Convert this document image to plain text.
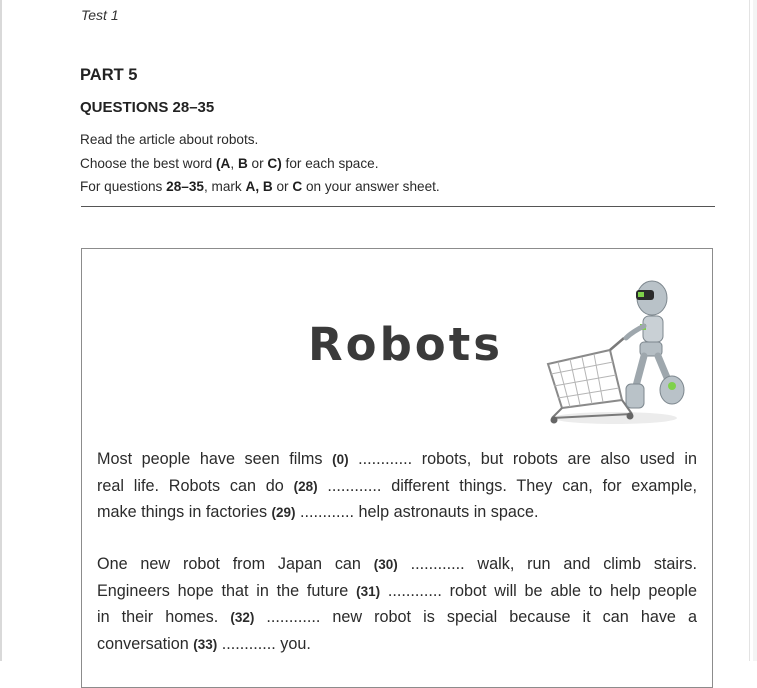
Test 1
PART 5
QUESTIONS 28–35
Read the article about robots.
Choose the best word (A, B or C) for each space.
For questions 28–35, mark A, B or C on your answer sheet.
Robots
Most people have seen films (0) ............ robots, but robots are also used in
real life. Robots can do (28) ............ different things. They can, for example,
make things in factories (29) ............ help astronauts in space.
One new robot from Japan can (30) ............ walk, run and climb stairs.
Engineers hope that in the future (31) ............ robot will be able to help people
in their homes. (32) ............ new robot is special because it can have a
conversation (33) ............ you.
